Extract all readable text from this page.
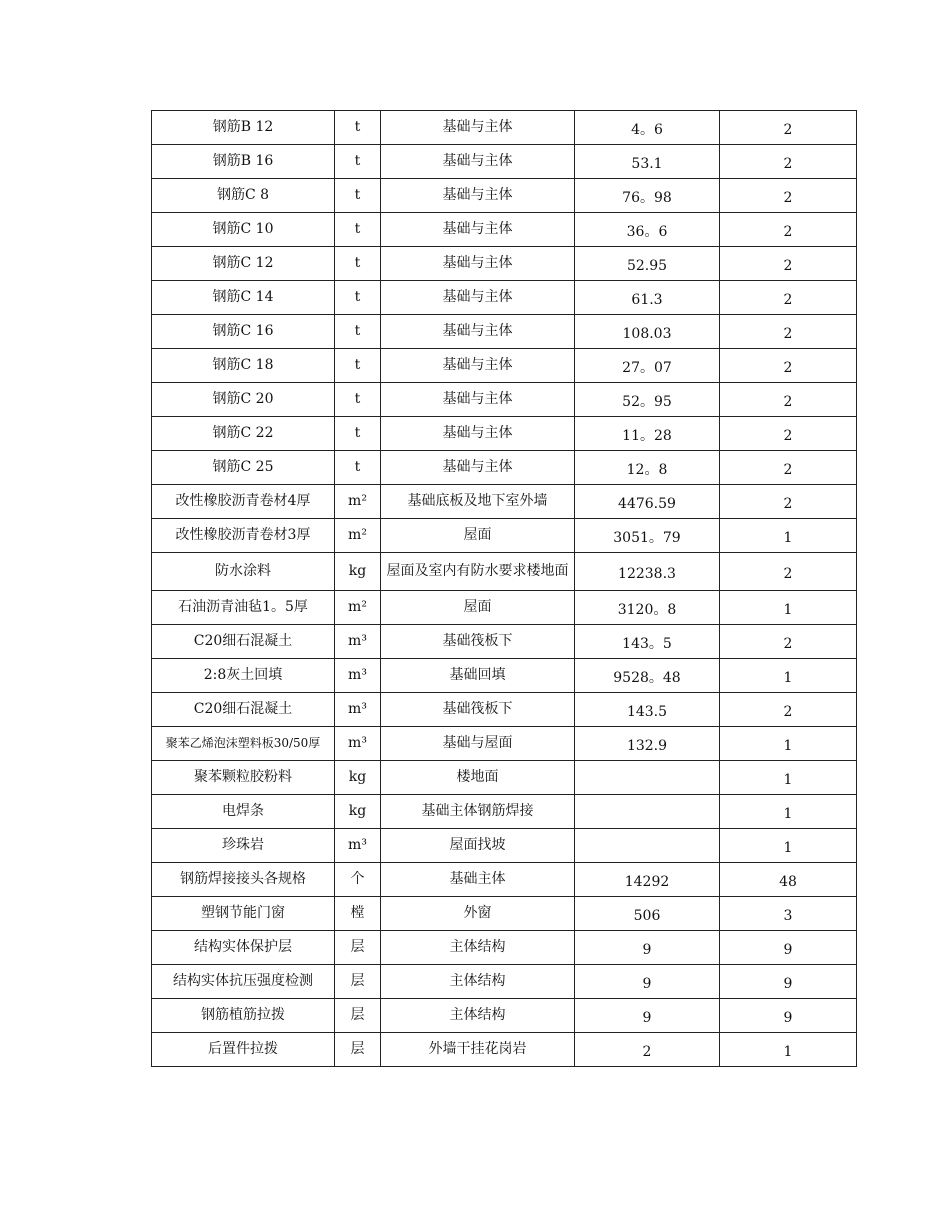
钢筋B 12	t	基础与主体	4。6	2
钢筋B 16	t	基础与主体	53.1	2
钢筋C 8	t	基础与主体	76。98	2
钢筋C 10	t	基础与主体	36。6	2
钢筋C 12	t	基础与主体	52.95	2
钢筋C 14	t	基础与主体	61.3	2
钢筋C 16	t	基础与主体	108.03	2
钢筋C 18	t	基础与主体	27。07	2
钢筋C 20	t	基础与主体	52。95	2
钢筋C 22	t	基础与主体	11。28	2
钢筋C 25	t	基础与主体	12。8	2
改性橡胶沥青卷材4厚	m²	基础底板及地下室外墙	4476.59	2
改性橡胶沥青卷材3厚	m²	屋面	3051。79	1
防水涂料	kg	屋面及室内有防水要求楼地面	12238.3	2
石油沥青油毡1。5厚	m²	屋面	3120。8	1
C20细石混凝土	m³	基础筏板下	143。5	2
2:8灰土回填	m³	基础回填	9528。48	1
C20细石混凝土	m³	基础筏板下	143.5	2
聚苯乙烯泡沫塑料板30/50厚	m³	基础与屋面	132.9	1
聚苯颗粒胶粉料	kg	楼地面		1
电焊条	kg	基础主体钢筋焊接		1
珍珠岩	m³	屋面找坡		1
钢筋焊接接头各规格	个	基础主体	14292	48
塑钢节能门窗	樘	外窗	506	3
结构实体保护层	层	主体结构	9	9
结构实体抗压强度检测	层	主体结构	9	9
钢筋植筋拉拨	层	主体结构	9	9
后置件拉拨	层	外墙干挂花岗岩	2	1
